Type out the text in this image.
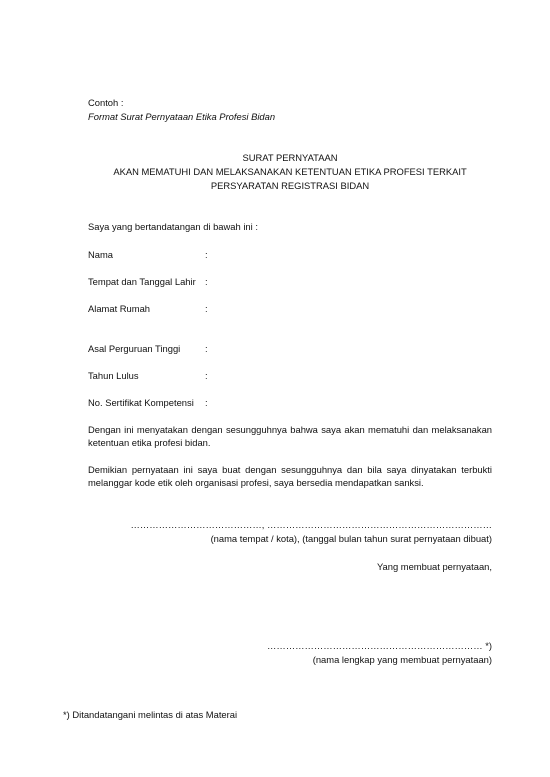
Contoh :
Format Surat Pernyataan Etika Profesi Bidan
SURAT PERNYATAAN
AKAN MEMATUHI DAN MELAKSANAKAN KETENTUAN ETIKA PROFESI TERKAIT
PERSYARATAN REGISTRASI BIDAN
Saya yang bertandatangan di bawah ini :
Nama	:
Tempat dan Tanggal Lahir :
Alamat Rumah	:
Asal Perguruan Tinggi	:
Tahun Lulus	:
No. Sertifikat Kompetensi :
Dengan ini menyatakan dengan sesungguhnya bahwa saya akan mematuhi dan melaksanakan ketentuan etika profesi bidan.
Demikian pernyataan ini saya buat dengan sesungguhnya dan bila saya dinyatakan terbukti melanggar kode etik oleh organisasi profesi, saya bersedia mendapatkan sanksi.
……………………………………, ………………………………………………………………
(nama tempat / kota), (tanggal bulan tahun surat pernyataan dibuat)
Yang membuat pernyataan,
…………………………………………………………… *)
(nama lengkap yang membuat pernyataan)
*) Ditandatangani melintas di atas Materai
